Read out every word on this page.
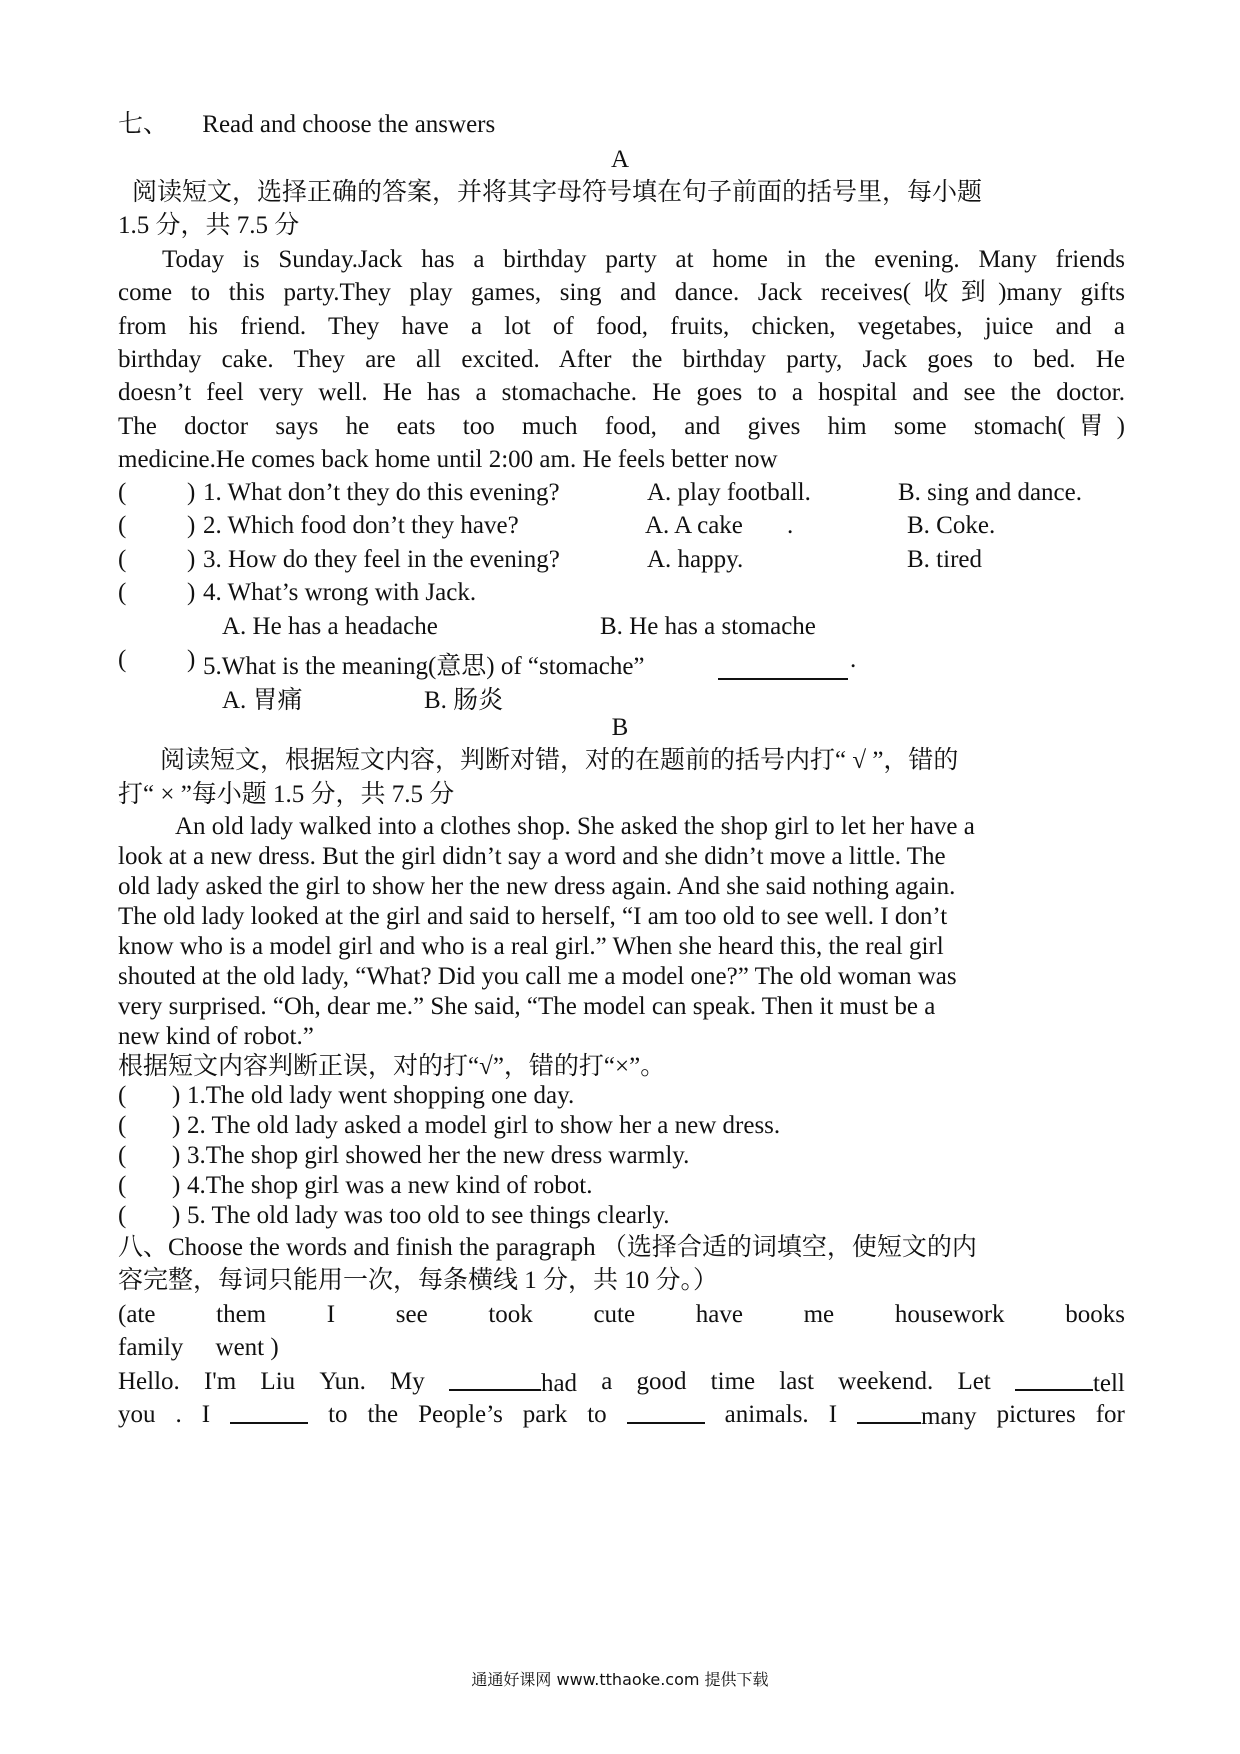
七、 Read and choose the answers
A
阅读短文，选择正确的答案，并将其字母符号填在句子前面的括号里，每小题
1.5 分，共 7.5 分
Today is Sunday.Jack has a birthday party at home in the evening. Many friends
come to this party.They play games, sing and dance. Jack receives(收到)many gifts
from his friend. They have a lot of food, fruits, chicken, vegetabes, juice and a
birthday cake. They are all excited. After the birthday party, Jack goes to bed. He
doesn’t feel very well. He has a stomachache. He goes to a hospital and see the doctor.
The doctor says he eats too much food, and gives him some stomach(胃)
medicine.He comes back home until 2:00 am. He feels better now
( ) 1. What don’t they do this evening?	A. play football.	B. sing and dance.
( ) 2. Which food don’t they have?	A. A cake .	B. Coke.
( ) 3. How do they feel in the evening?	A. happy.	B. tired
( ) 4. What’s wrong with Jack.
A. He has a headache	B. He has a stomache
( ) 5.What is the meaning(意思) of “stomache”	.
A. 胃痛	B. 肠炎
B
阅读短文，根据短文内容，判断对错，对的在题前的括号内打“ √ ”，错的
打“ × ”每小题 1.5 分，共 7.5 分
An old lady walked into a clothes shop. She asked the shop girl to let her have a
look at a new dress. But the girl didn’t say a word and she didn’t move a little. The
old lady asked the girl to show her the new dress again. And she said nothing again.
The old lady looked at the girl and said to herself, “I am too old to see well. I don’t
know who is a model girl and who is a real girl.” When she heard this, the real girl
shouted at the old lady, “What? Did you call me a model one?” The old woman was
very surprised. “Oh, dear me.” She said, “The model can speak. Then it must be a
new kind of robot.”
根据短文内容判断正误，对的打“√”，错的打“×”。
( ) 1.The old lady went shopping one day.
( ) 2. The old lady asked a model girl to show her a new dress.
( ) 3.The shop girl showed her the new dress warmly.
( ) 4.The shop girl was a new kind of robot.
( ) 5. The old lady was too old to see things clearly.
八、Choose the words and finish the paragraph （选择合适的词填空，使短文的内
容完整，每词只能用一次，每条横线 1 分，共 10 分。）
(ate them I see took cute have me housework books
family went )
Hello. I'm Liu Yun. My	had a good time last weekend. Let	tell
you . I	to the People’s park to	animals. I	many pictures for
通通好课网 www.tthaoke.com 提供下载
